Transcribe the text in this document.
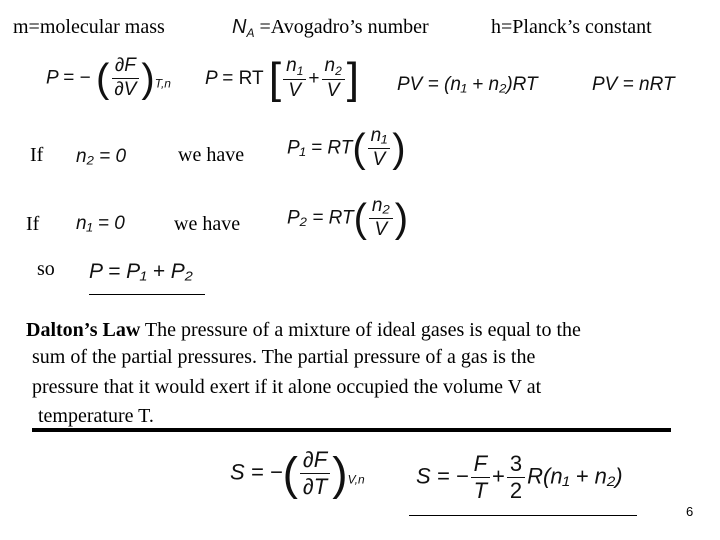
m=molecular mass	$N_A$ =Avogadro’s number	h=Planck’s constant
P = − ( $\frac{\partial F}{\partial V} )_{T,n}$ P = RT [ $\frac{n_1}{V} + \frac{n_2}{V}$ ] PV = (n₁ + n₂)RT	PV = nRT
If n₂ = 0	we have $P_1 = RT( \frac{\text{n₁}}{V}$ )
If n₁ = 0 we have $P_2 = RT( \frac{\text{n₂}}{V}$ )
so P = P₁ + P₂
Dalton’s Law The pressure of a mixture of ideal gases is equal to the
sum of the partial pressures. The partial pressure of a gas is the
pressure that it would exert if it alone occupied the volume V at
temperature T.
S = −( $\frac{\partial F}{\partial T} )_{V,n}$ S = − $\frac{F}{T} + \frac{3}{2} R(n_1 + n_2)$
6
